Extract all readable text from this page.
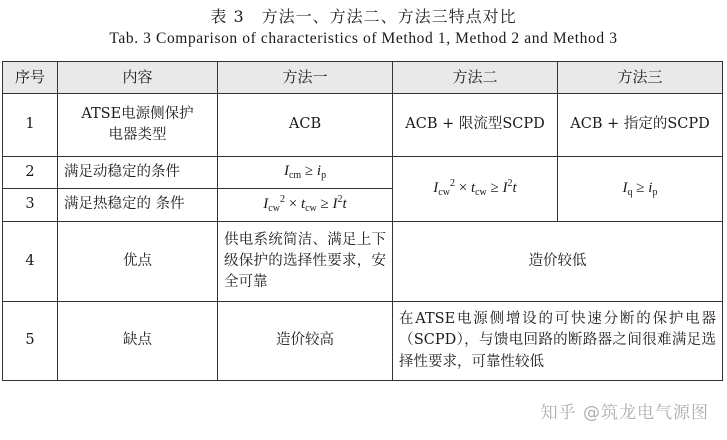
表 3　方法一、方法二、方法三特点对比
Tab. 3 Comparison of characteristics of Method 1, Method 2 and Method 3
序号	内容	方法一	方法二	方法三
1	ATSE电源侧保护电器类型	ACB	ACB + 限流型SCPD	ACB + 指定的SCPD
2	满足动稳定的条件	$I_{cm} \ge i_p$	$I_{cw}^2 \times t_{cw} \ge I^2t$	$I_q \ge i_p$
3	满足热稳定的 条件	$I_{cw}^2 \times t_{cw} \ge I^2t$		
4	优点	供电系统简洁、满足上下级保护的选择性要求，安全可靠	造价较低	
5	缺点	造价较高	在ATSE电源侧增设的可快速分断的保护电器（SCPD），与馈电回路的断路器之间很难满足选择性要求，可靠性较低	
知乎 @筑龙电气源图
